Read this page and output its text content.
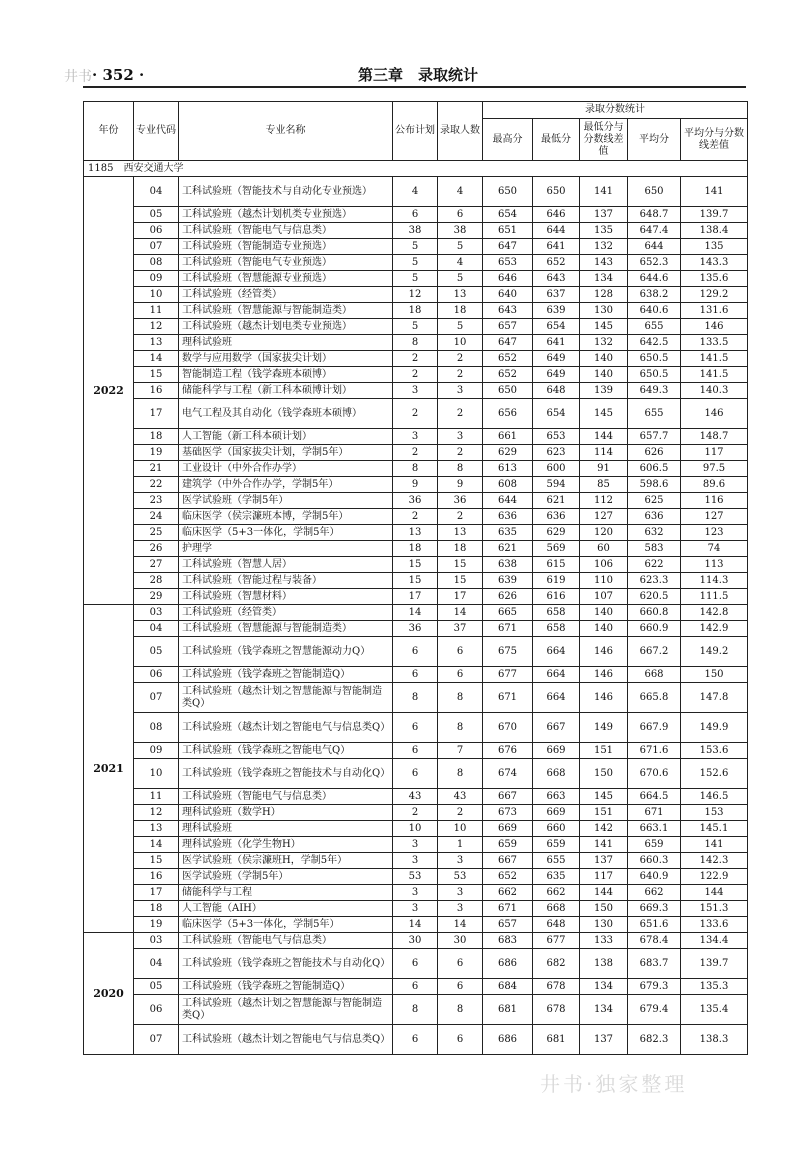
井书 · 352 ·	第三章　录取统计
年份	专业代码	专业名称	公布计划	录取人数	录取分数统计				
					最高分	最低分	最低分与分数线差值	平均分	平均分与分数线差值
1185　西安交通大学									
2022	04	工科试验班（智能技术与自动化专业预选）	4	4	650	650	141	650	141
	05	工科试验班（越杰计划机类专业预选）	6	6	654	646	137	648.7	139.7
	06	工科试验班（智能电气与信息类）	38	38	651	644	135	647.4	138.4
	07	工科试验班（智能制造专业预选）	5	5	647	641	132	644	135
	08	工科试验班（智能电气专业预选）	5	4	653	652	143	652.3	143.3
	09	工科试验班（智慧能源专业预选）	5	5	646	643	134	644.6	135.6
	10	工科试验班（经管类）	12	13	640	637	128	638.2	129.2
	11	工科试验班（智慧能源与智能制造类）	18	18	643	639	130	640.6	131.6
	12	工科试验班（越杰计划电类专业预选）	5	5	657	654	145	655	146
	13	理科试验班	8	10	647	641	132	642.5	133.5
	14	数学与应用数学（国家拔尖计划）	2	2	652	649	140	650.5	141.5
	15	智能制造工程（钱学森班本硕博）	2	2	652	649	140	650.5	141.5
	16	储能科学与工程（新工科本硕博计划）	3	3	650	648	139	649.3	140.3
	17	电气工程及其自动化（钱学森班本硕博）	2	2	656	654	145	655	146
	18	人工智能（新工科本硕计划）	3	3	661	653	144	657.7	148.7
	19	基础医学（国家拔尖计划，学制5年）	2	2	629	623	114	626	117
	21	工业设计（中外合作办学）	8	8	613	600	91	606.5	97.5
	22	建筑学（中外合作办学，学制5年）	9	9	608	594	85	598.6	89.6
	23	医学试验班（学制5年）	36	36	644	621	112	625	116
	24	临床医学（侯宗濂班本博，学制5年）	2	2	636	636	127	636	127
	25	临床医学（5+3一体化，学制5年）	13	13	635	629	120	632	123
	26	护理学	18	18	621	569	60	583	74
	27	工科试验班（智慧人居）	15	15	638	615	106	622	113
	28	工科试验班（智能过程与装备）	15	15	639	619	110	623.3	114.3
	29	工科试验班（智慧材料）	17	17	626	616	107	620.5	111.5
2021	03	工科试验班（经管类）	14	14	665	658	140	660.8	142.8
	04	工科试验班（智慧能源与智能制造类）	36	37	671	658	140	660.9	142.9
	05	工科试验班（钱学森班之智慧能源动力Q）	6	6	675	664	146	667.2	149.2
	06	工科试验班（钱学森班之智能制造Q）	6	6	677	664	146	668	150
	07	工科试验班（越杰计划之智慧能源与智能制造类Q）	8	8	671	664	146	665.8	147.8
	08	工科试验班（越杰计划之智能电气与信息类Q）	6	8	670	667	149	667.9	149.9
	09	工科试验班（钱学森班之智能电气Q）	6	7	676	669	151	671.6	153.6
	10	工科试验班（钱学森班之智能技术与自动化Q）	6	8	674	668	150	670.6	152.6
	11	工科试验班（智能电气与信息类）	43	43	667	663	145	664.5	146.5
	12	理科试验班（数学H）	2	2	673	669	151	671	153
	13	理科试验班	10	10	669	660	142	663.1	145.1
	14	理科试验班（化学生物H）	3	1	659	659	141	659	141
	15	医学试验班（侯宗濂班H，学制5年）	3	3	667	655	137	660.3	142.3
	16	医学试验班（学制5年）	53	53	652	635	117	640.9	122.9
	17	储能科学与工程	3	3	662	662	144	662	144
	18	人工智能（AIH）	3	3	671	668	150	669.3	151.3
	19	临床医学（5+3一体化，学制5年）	14	14	657	648	130	651.6	133.6
2020	03	工科试验班（智能电气与信息类）	30	30	683	677	133	678.4	134.4
	04	工科试验班（钱学森班之智能技术与自动化Q）	6	6	686	682	138	683.7	139.7
	05	工科试验班（钱学森班之智能制造Q）	6	6	684	678	134	679.3	135.3
	06	工科试验班（越杰计划之智慧能源与智能制造类Q）	8	8	681	678	134	679.4	135.4
	07	工科试验班（越杰计划之智能电气与信息类Q）	6	6	686	681	137	682.3	138.3
井书·独家整理
